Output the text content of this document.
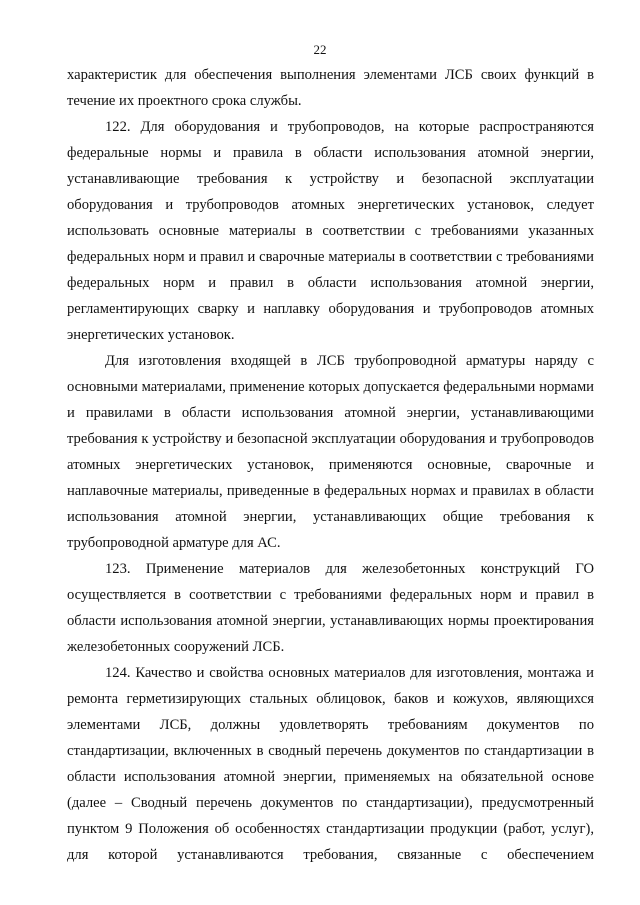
22

характеристик для обеспечения выполнения элементами ЛСБ своих функций в течение их проектного срока службы.

122. Для оборудования и трубопроводов, на которые распространяются федеральные нормы и правила в области использования атомной энергии, устанавливающие требования к устройству и безопасной эксплуатации оборудования и трубопроводов атомных энергетических установок, следует использовать основные материалы в соответствии с требованиями указанных федеральных норм и правил и сварочные материалы в соответствии с требованиями федеральных норм и правил в области использования атомной энергии, регламентирующих сварку и наплавку оборудования и трубопроводов атомных энергетических установок.

Для изготовления входящей в ЛСБ трубопроводной арматуры наряду с основными материалами, применение которых допускается федеральными нормами и правилами в области использования атомной энергии, устанавливающими требования к устройству и безопасной эксплуатации оборудования и трубопроводов атомных энергетических установок, применяются основные, сварочные и наплавочные материалы, приведенные в федеральных нормах и правилах в области использования атомной энергии, устанавливающих общие требования к трубопроводной арматуре для АС.

123. Применение материалов для железобетонных конструкций ГО осуществляется в соответствии с требованиями федеральных норм и правил в области использования атомной энергии, устанавливающих нормы проектирования железобетонных сооружений ЛСБ.

124. Качество и свойства основных материалов для изготовления, монтажа и ремонта герметизирующих стальных облицовок, баков и кожухов, являющихся элементами ЛСБ, должны удовлетворять требованиям документов по стандартизации, включенных в сводный перечень документов по стандартизации в области использования атомной энергии, применяемых на обязательной основе (далее – Сводный перечень документов по стандартизации), предусмотренный пунктом 9 Положения об особенностях стандартизации продукции (работ, услуг), для которой устанавливаются требования, связанные с обеспечением
